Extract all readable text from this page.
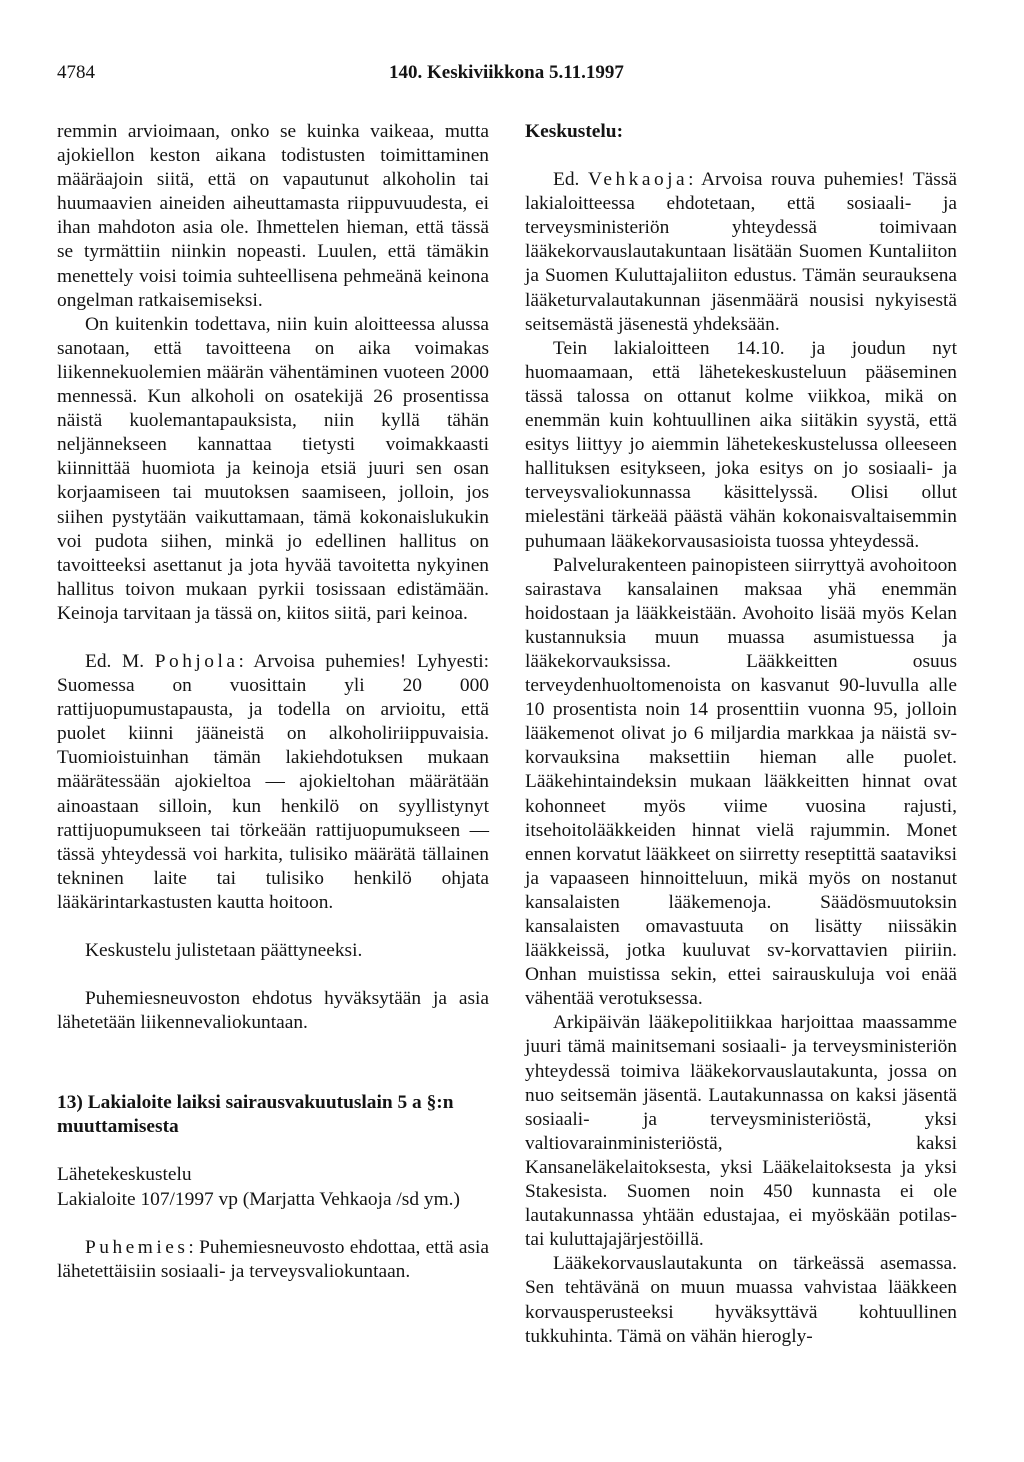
4784	140. Keskiviikkona 5.11.1997

remmin arvioimaan, onko se kuinka vaikeaa, mutta ajokiellon keston aikana todistusten toimittaminen määräajoin siitä, että on vapautunut alkoholin tai huumaavien aineiden aiheuttamasta riippuvuudesta, ei ihan mahdoton asia ole. Ihmettelen hieman, että tässä se tyrmättiin niinkin nopeasti. Luulen, että tämäkin menettely voisi toimia suhteellisena pehmeänä keinona ongelman ratkaisemiseksi.

On kuitenkin todettava, niin kuin aloitteessa alussa sanotaan, että tavoitteena on aika voimakas liikennekuolemien määrän vähentäminen vuoteen 2000 mennessä. Kun alkoholi on osatekijä 26 prosentissa näistä kuolemantapauksista, niin kyllä tähän neljännekseen kannattaa tietysti voimakkaasti kiinnittää huomiota ja keinoja etsiä juuri sen osan korjaamiseen tai muutoksen saamiseen, jolloin, jos siihen pystytään vaikuttamaan, tämä kokonaislukukin voi pudota siihen, minkä jo edellinen hallitus on tavoitteeksi asettanut ja jota hyvää tavoitetta nykyinen hallitus toivon mukaan pyrkii tosissaan edistämään. Keinoja tarvitaan ja tässä on, kiitos siitä, pari keinoa.

Ed. M. Pohjola: Arvoisa puhemies! Lyhyesti: Suomessa on vuosittain yli 20 000 rattijuopumustapausta, ja todella on arvioitu, että puolet kiinni jääneistä on alkoholiriippuvaisia. Tuomioistuinhan tämän lakiehdotuksen mukaan määrätessään ajokieltoa — ajokieltohan määrätään ainoastaan silloin, kun henkilö on syyllistynyt rattijuopumukseen tai törkeään rattijuopumukseen — tässä yhteydessä voi harkita, tulisiko määrätä tällainen tekninen laite tai tulisiko henkilö ohjata lääkärintarkastusten kautta hoitoon.

Keskustelu julistetaan päättyneeksi.

Puhemiesneuvoston ehdotus hyväksytään ja asia lähetetään liikennevaliokuntaan.

13) Lakialoite laiksi sairausvakuutuslain 5 a §:n muuttamisesta

Lähetekeskustelu

Lakialoite 107/1997 vp (Marjatta Vehkaoja /sd ym.)

Puhemies: Puhemiesneuvosto ehdottaa, että asia lähetettäisiin sosiaali- ja terveysvaliokuntaan.

Keskustelu:

Ed. Vehkaoja: Arvoisa rouva puhemies! Tässä lakialoitteessa ehdotetaan, että sosiaali- ja terveysministeriön yhteydessä toimivaan lääkekorvauslautakuntaan lisätään Suomen Kuntaliiton ja Suomen Kuluttajaliiton edustus. Tämän seurauksena lääketurvalautakunnan jäsenmäärä nousisi nykyisestä seitsemästä jäsenestä yhdeksään.

Tein lakialoitteen 14.10. ja joudun nyt huomaamaan, että lähetekeskusteluun pääseminen tässä talossa on ottanut kolme viikkoa, mikä on enemmän kuin kohtuullinen aika siitäkin syystä, että esitys liittyy jo aiemmin lähetekeskustelussa olleeseen hallituksen esitykseen, joka esitys on jo sosiaali- ja terveysvaliokunnassa käsittelyssä. Olisi ollut mielestäni tärkeää päästä vähän kokonaisvaltaisemmin puhumaan lääkekorvausasioista tuossa yhteydessä.

Palvelurakenteen painopisteen siirryttyä avohoitoon sairastava kansalainen maksaa yhä enemmän hoidostaan ja lääkkeistään. Avohoito lisää myös Kelan kustannuksia muun muassa asumistuessa ja lääkekorvauksissa. Lääkkeitten osuus terveydenhuoltomenoista on kasvanut 90-luvulla alle 10 prosentista noin 14 prosenttiin vuonna 95, jolloin lääkemenot olivat jo 6 miljardia markkaa ja näistä sv-korvauksina maksettiin hieman alle puolet. Lääkehintaindeksin mukaan lääkkeitten hinnat ovat kohonneet myös viime vuosina rajusti, itsehoitolääkkeiden hinnat vielä rajummin. Monet ennen korvatut lääkkeet on siirretty reseptittä saataviksi ja vapaaseen hinnoitteluun, mikä myös on nostanut kansalaisten lääkemenoja. Säädösmuutoksin kansalaisten omavastuuta on lisätty niissäkin lääkkeissä, jotka kuuluvat sv-korvattavien piiriin. Onhan muistissa sekin, ettei sairauskuluja voi enää vähentää verotuksessa.

Arkipäivän lääkepolitiikkaa harjoittaa maassamme juuri tämä mainitsemani sosiaali- ja terveysministeriön yhteydessä toimiva lääkekorvauslautakunta, jossa on nuo seitsemän jäsentä. Lautakunnassa on kaksi jäsentä sosiaali- ja terveysministeriöstä, yksi valtiovarainministeriöstä, kaksi Kansaneläkelaitoksesta, yksi Lääkelaitoksesta ja yksi Stakesista. Suomen noin 450 kunnasta ei ole lautakunnassa yhtään edustajaa, ei myöskään potilas- tai kuluttajajärjestöillä.

Lääkekorvauslautakunta on tärkeässä asemassa. Sen tehtävänä on muun muassa vahvistaa lääkkeen korvausperusteeksi hyväksyttävä kohtuullinen tukkuhinta. Tämä on vähän hierogly-
